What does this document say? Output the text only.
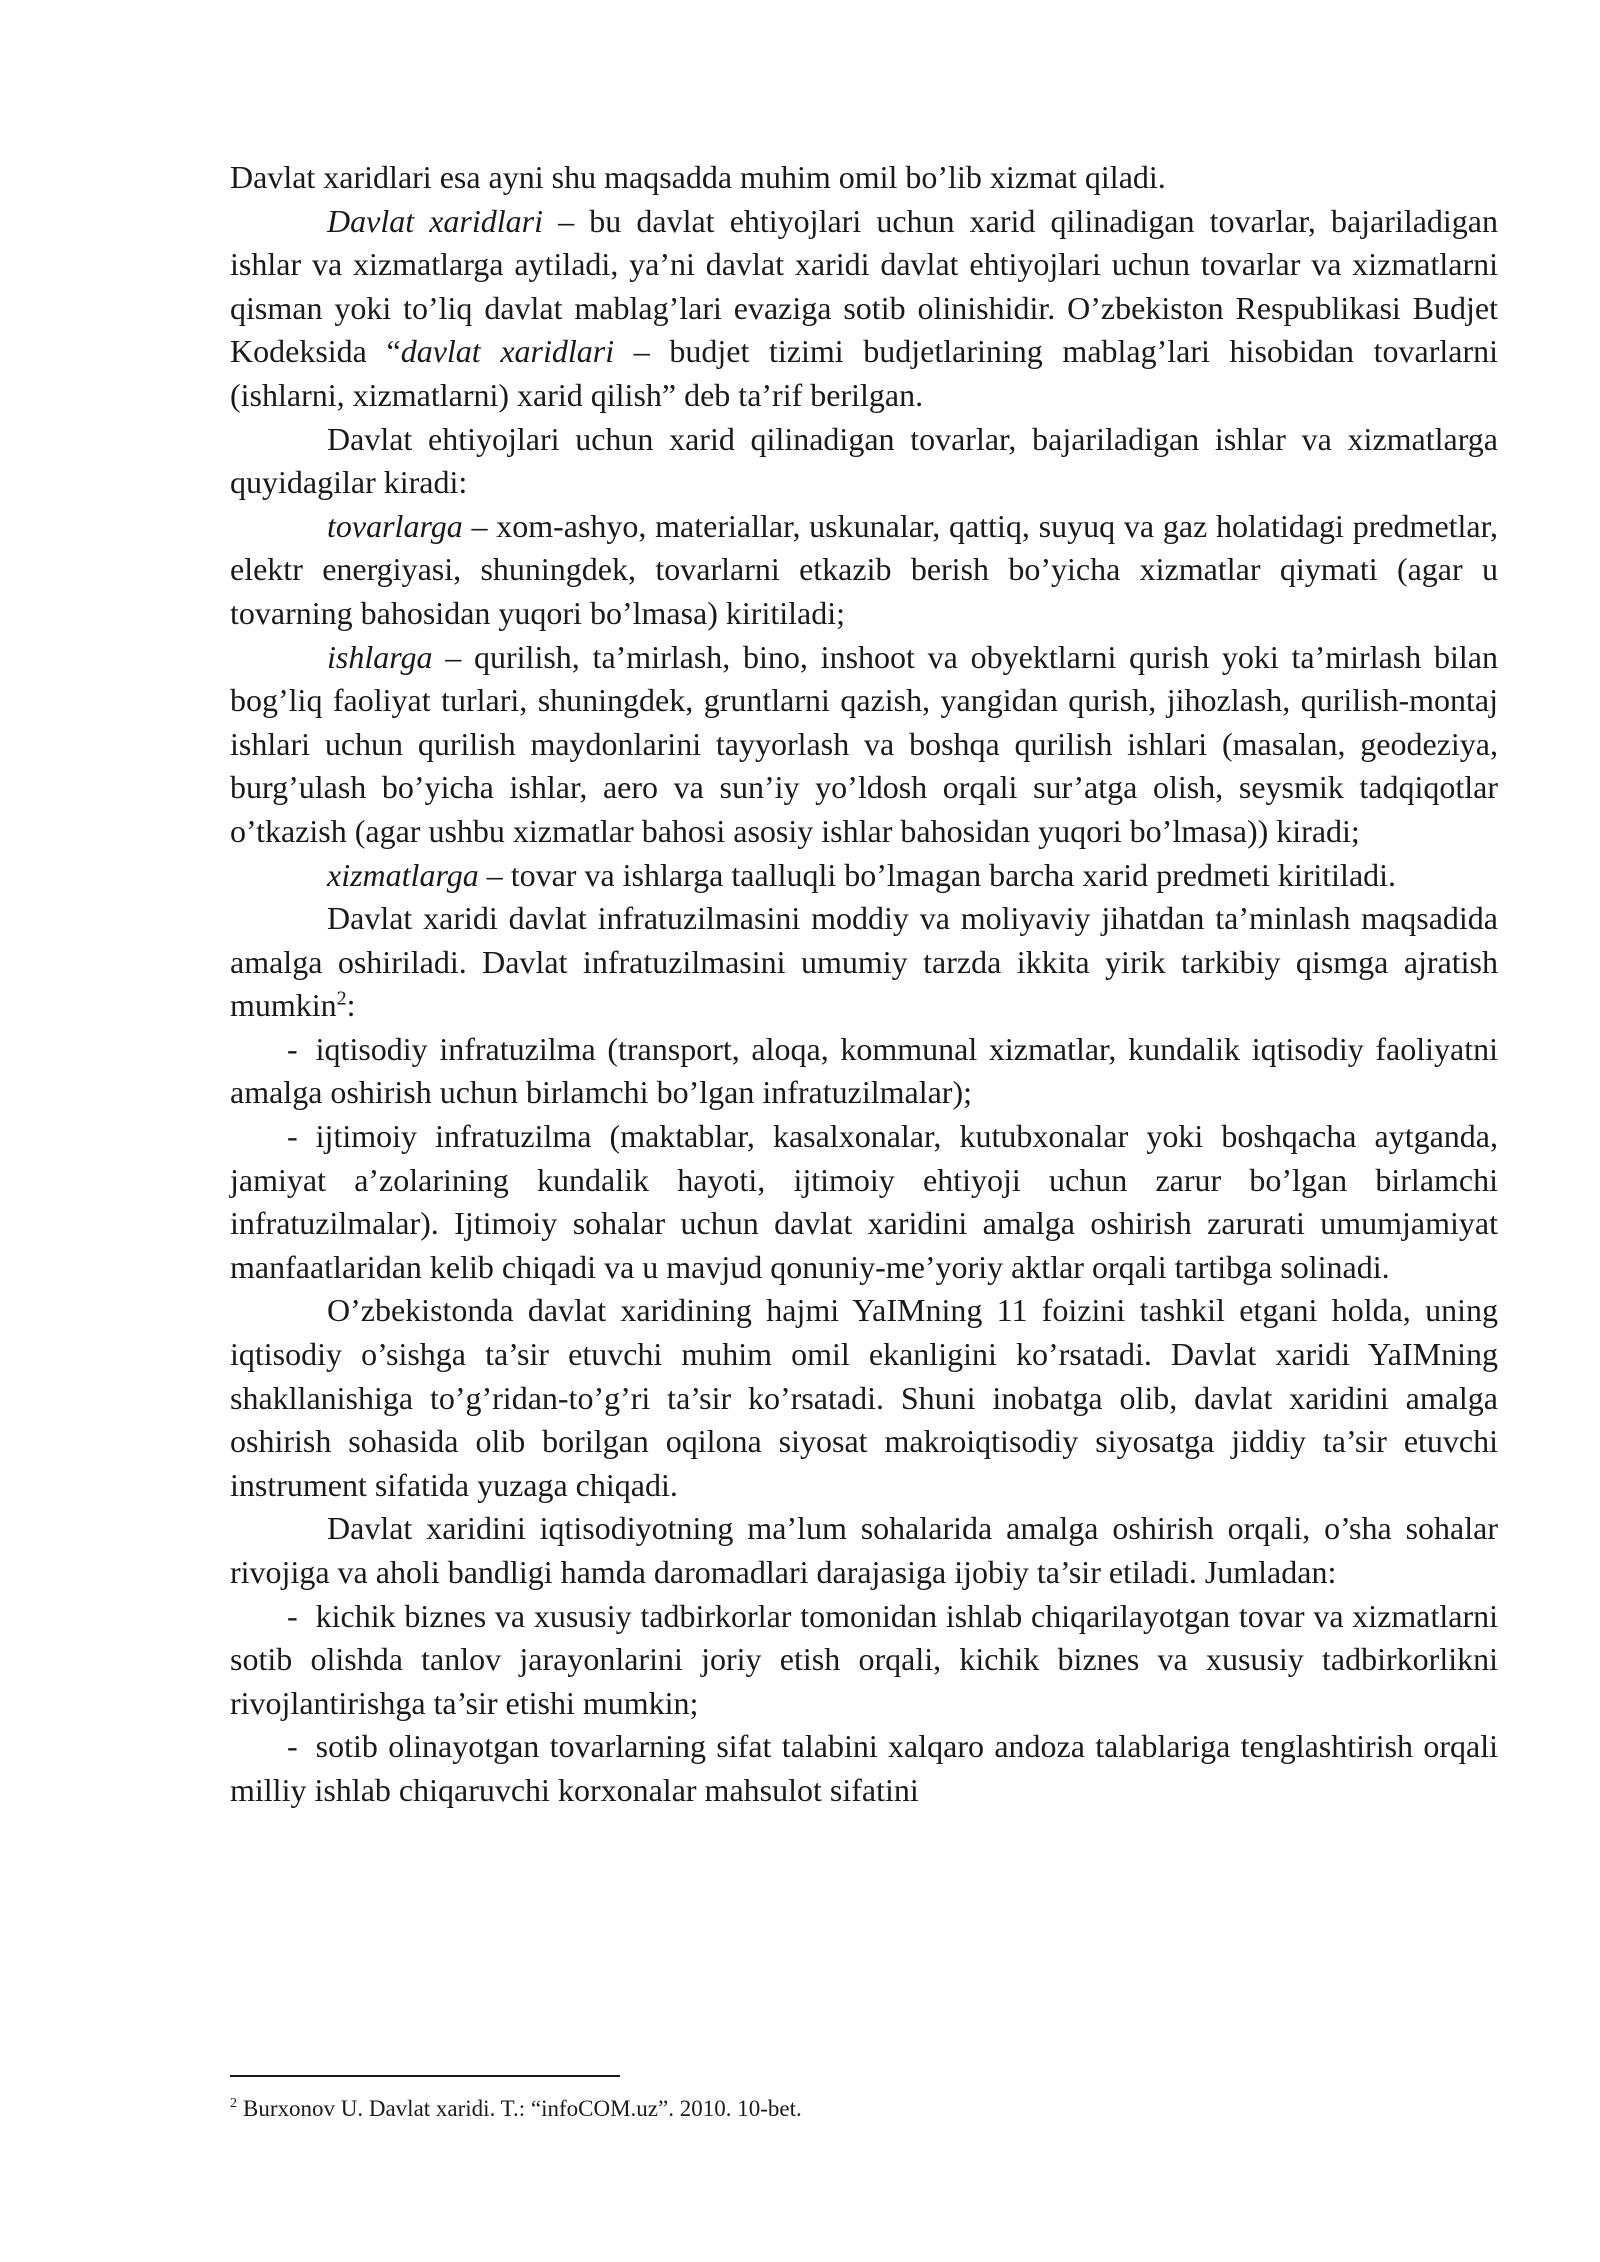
Davlat xaridlari esa ayni shu maqsadda muhim omil bo’lib xizmat qiladi.

Davlat xaridlari – bu davlat ehtiyojlari uchun xarid qilinadigan tovarlar, bajariladigan ishlar va xizmatlarga aytiladi, ya’ni davlat xaridi davlat ehtiyojlari uchun tovarlar va xizmatlarni qisman yoki to’liq davlat mablag’lari evaziga sotib olinishidir. O’zbekiston Respublikasi Budjet Kodeksida “davlat xaridlari – budjet tizimi budjetlarining mablag’lari hisobidan tovarlarni (ishlarni, xizmatlarni) xarid qilish” deb ta’rif berilgan.

Davlat ehtiyojlari uchun xarid qilinadigan tovarlar, bajariladigan ishlar va xizmatlarga quyidagilar kiradi:

tovarlarga – xom-ashyo, materiallar, uskunalar, qattiq, suyuq va gaz holatidagi predmetlar, elektr energiyasi, shuningdek, tovarlarni etkazib berish bo’yicha xizmatlar qiymati (agar u tovarning bahosidan yuqori bo’lmasa) kiritiladi;

ishlarga – qurilish, ta’mirlash, bino, inshoot va obyektlarni qurish yoki ta’mirlash bilan bog’liq faoliyat turlari, shuningdek, gruntlarni qazish, yangidan qurish, jihozlash, qurilish-montaj ishlari uchun qurilish maydonlarini tayyorlash va boshqa qurilish ishlari (masalan, geodeziya, burg’ulash bo’yicha ishlar, aero va sun’iy yo’ldosh orqali sur’atga olish, seysmik tadqiqotlar o’tkazish (agar ushbu xizmatlar bahosi asosiy ishlar bahosidan yuqori bo’lmasa)) kiradi;

xizmatlarga – tovar va ishlarga taalluqli bo’lmagan barcha xarid predmeti kiritiladi.

Davlat xaridi davlat infratuzilmasini moddiy va moliyaviy jihatdan ta’minlash maqsadida amalga oshiriladi. Davlat infratuzilmasini umumiy tarzda ikkita yirik tarkibiy qismga ajratish mumkin$^2$:

- iqtisodiy infratuzilma (transport, aloqa, kommunal xizmatlar, kundalik iqtisodiy faoliyatni amalga oshirish uchun birlamchi bo’lgan infratuzilmalar);

- ijtimoiy infratuzilma (maktablar, kasalxonalar, kutubxonalar yoki boshqacha aytganda, jamiyat a’zolarining kundalik hayoti, ijtimoiy ehtiyoji uchun zarur bo’lgan birlamchi infratuzilmalar). Ijtimoiy sohalar uchun davlat xaridini amalga oshirish zarurati umumjamiyat manfaatlaridan kelib chiqadi va u mavjud qonuniy-me’yoriy aktlar orqali tartibga solinadi.

O’zbekistonda davlat xaridining hajmi YaIMning 11 foizini tashkil etgani holda, uning iqtisodiy o’sishga ta’sir etuvchi muhim omil ekanligini ko’rsatadi. Davlat xaridi YaIMning shakllanishiga to’g’ridan-to’g’ri ta’sir ko’rsatadi. Shuni inobatga olib, davlat xaridini amalga oshirish sohasida olib borilgan oqilona siyosat makroiqtisodiy siyosatga jiddiy ta’sir etuvchi instrument sifatida yuzaga chiqadi.

Davlat xaridini iqtisodiyotning ma’lum sohalarida amalga oshirish orqali, o’sha sohalar rivojiga va aholi bandligi hamda daromadlari darajasiga ijobiy ta’sir etiladi. Jumladan:

- kichik biznes va xususiy tadbirkorlar tomonidan ishlab chiqarilayotgan tovar va xizmatlarni sotib olishda tanlov jarayonlarini joriy etish orqali, kichik biznes va xususiy tadbirkorlikni rivojlantirishga ta’sir etishi mumkin;

- sotib olinayotgan tovarlarning sifat talabini xalqaro andoza talablariga tenglashtirish orqali milliy ishlab chiqaruvchi korxonalar mahsulot sifatini

$^2$ Burxonov U. Davlat xaridi. T.: “infoCOM.uz”. 2010. 10-bet.
